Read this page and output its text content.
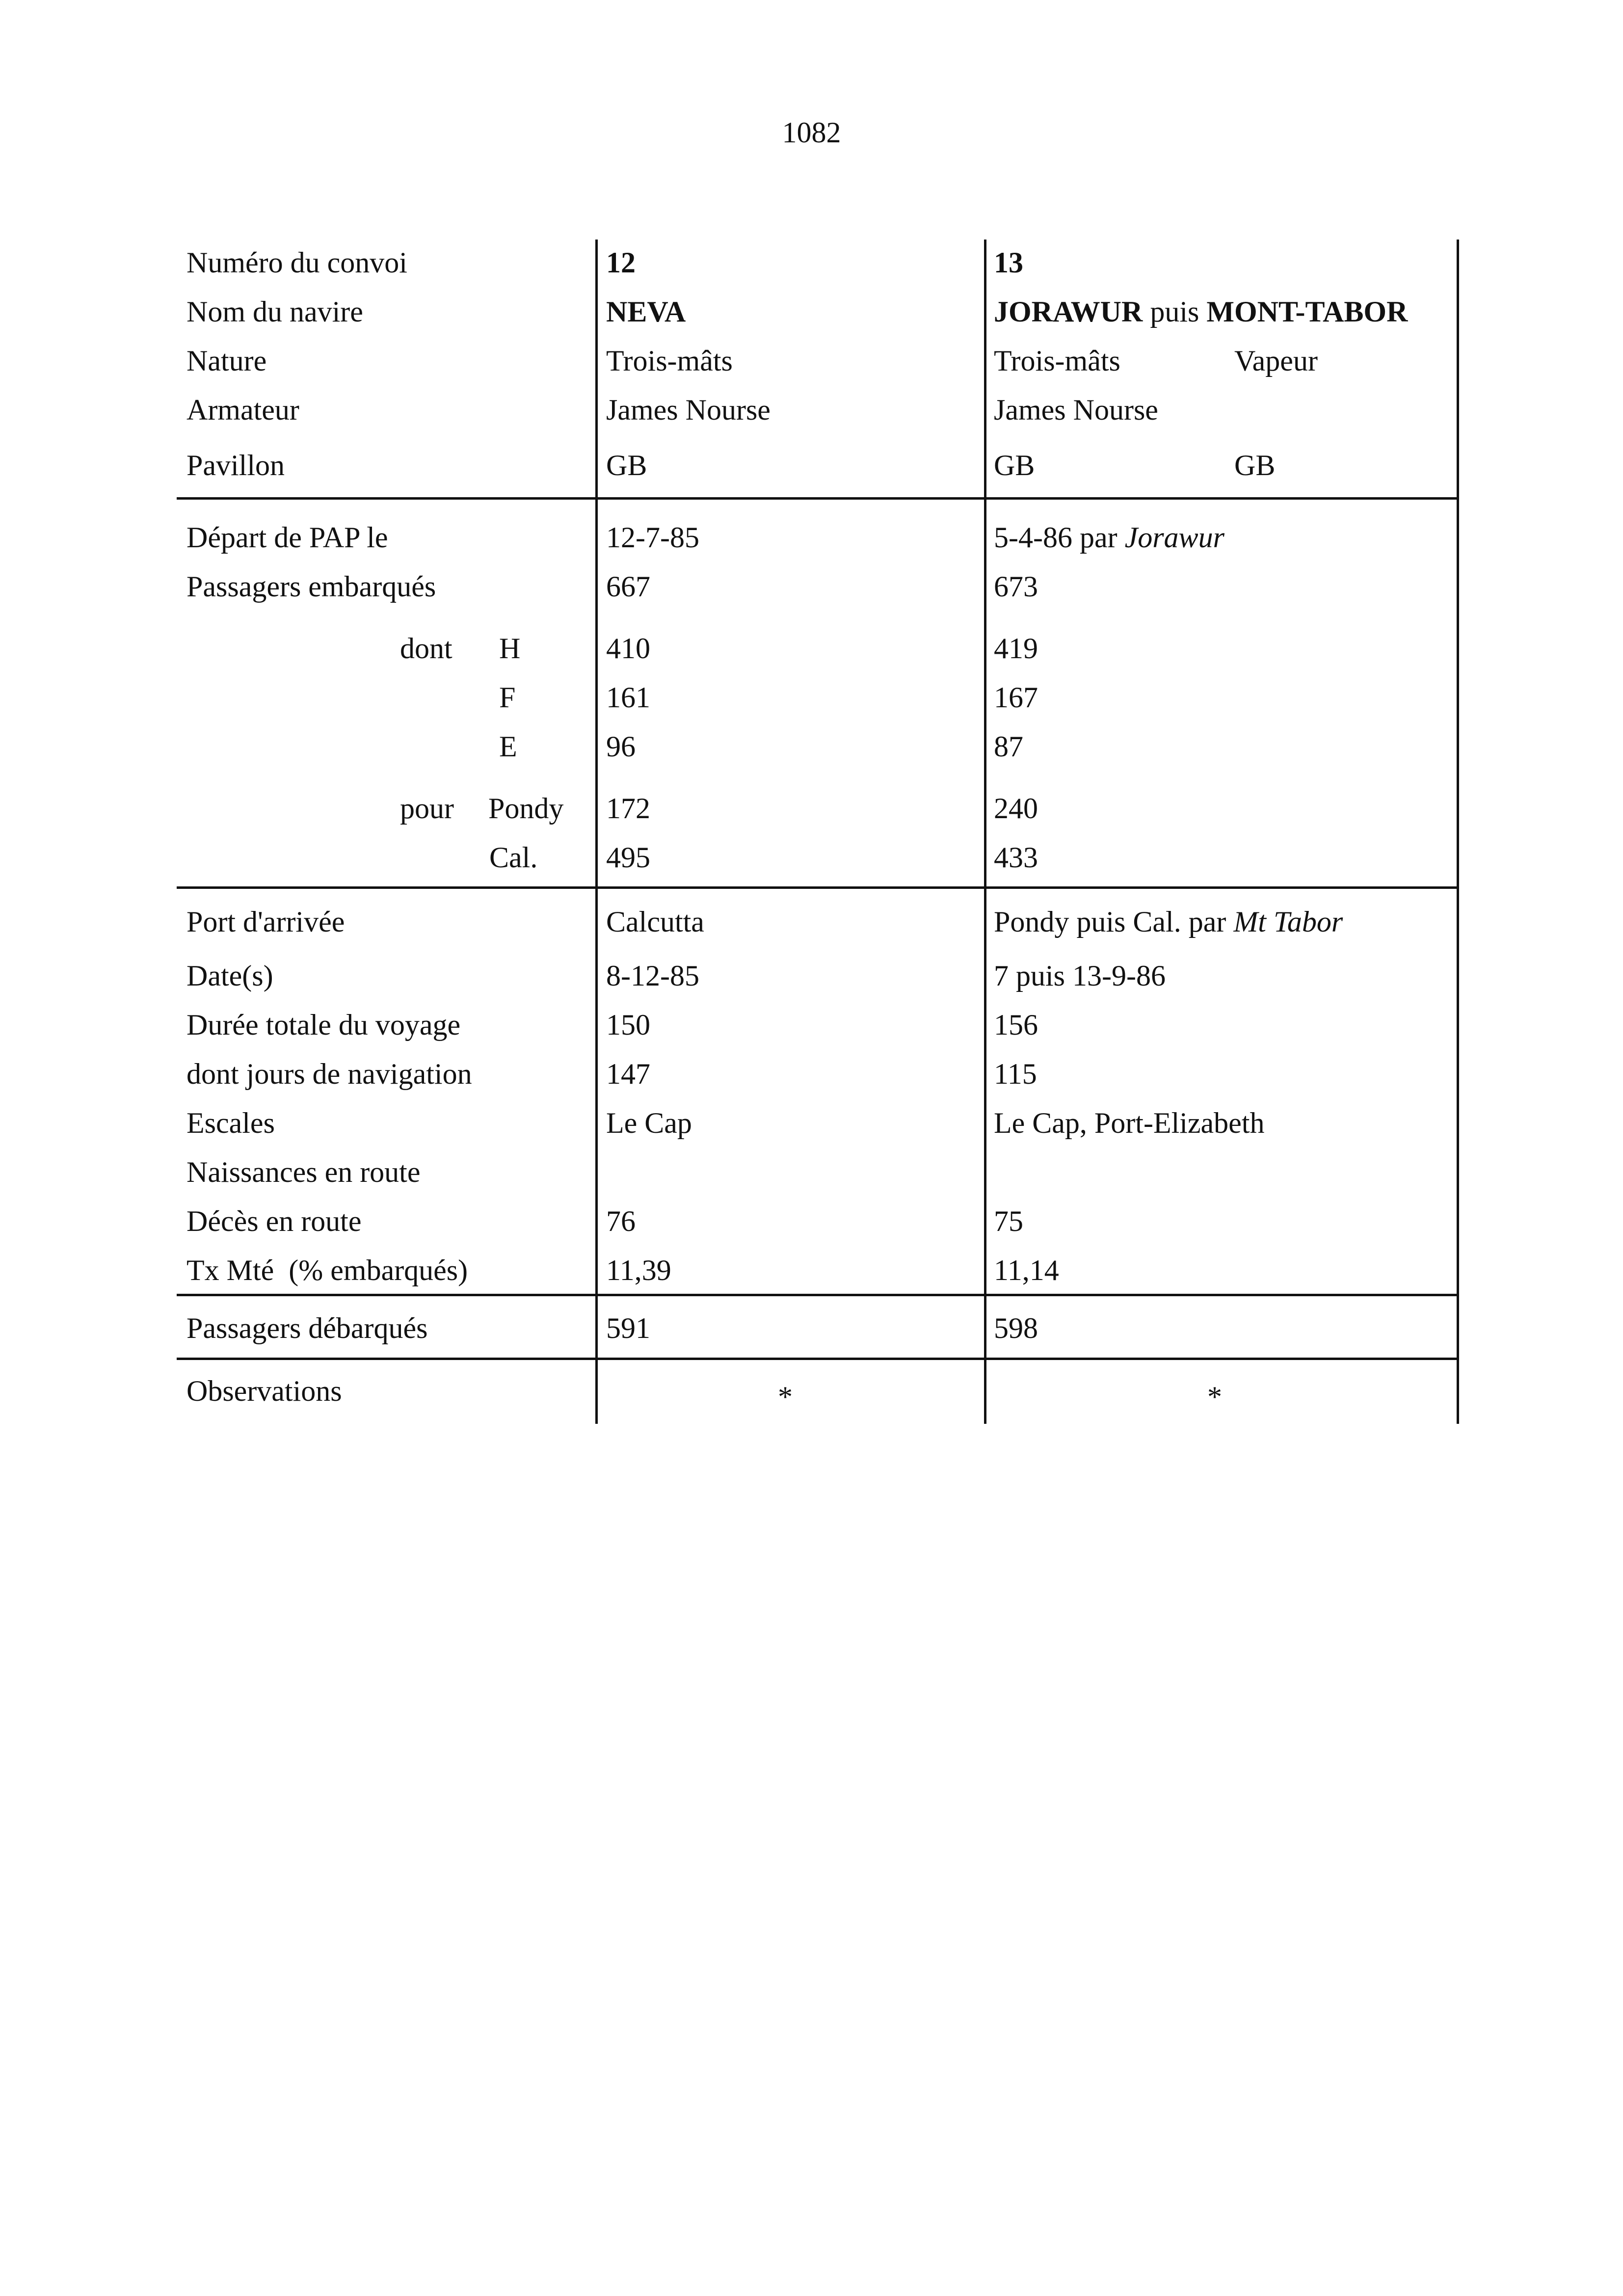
1082
Numéro du convoi	12	13
Nom du navire	NEVA	JORAWUR puis MONT-TABOR
Nature	Trois-mâts	Trois-mâts	Vapeur
Armateur	James Nourse	James Nourse
Pavillon	GB	GB	GB
Départ de PAP le	12-7-85	5-4-86 par Jorawur
Passagers embarqués	667	673
dont H	410	419
F	161	167
E	96	87
pour Pondy 172	240
Cal. 495	433
Port d'arrivée	Calcutta	Pondy puis Cal. par Mt Tabor
Date(s)	8-12-85	7 puis 13-9-86
Durée totale du voyage	150	156
dont jours de navigation	147	115
Escales	Le Cap	Le Cap, Port-Elizabeth
Naissances en route
Décès en route	76	75
Tx Mté  (% embarqués)	11,39	11,14
Passagers débarqués	591	598
Observations	*	*
